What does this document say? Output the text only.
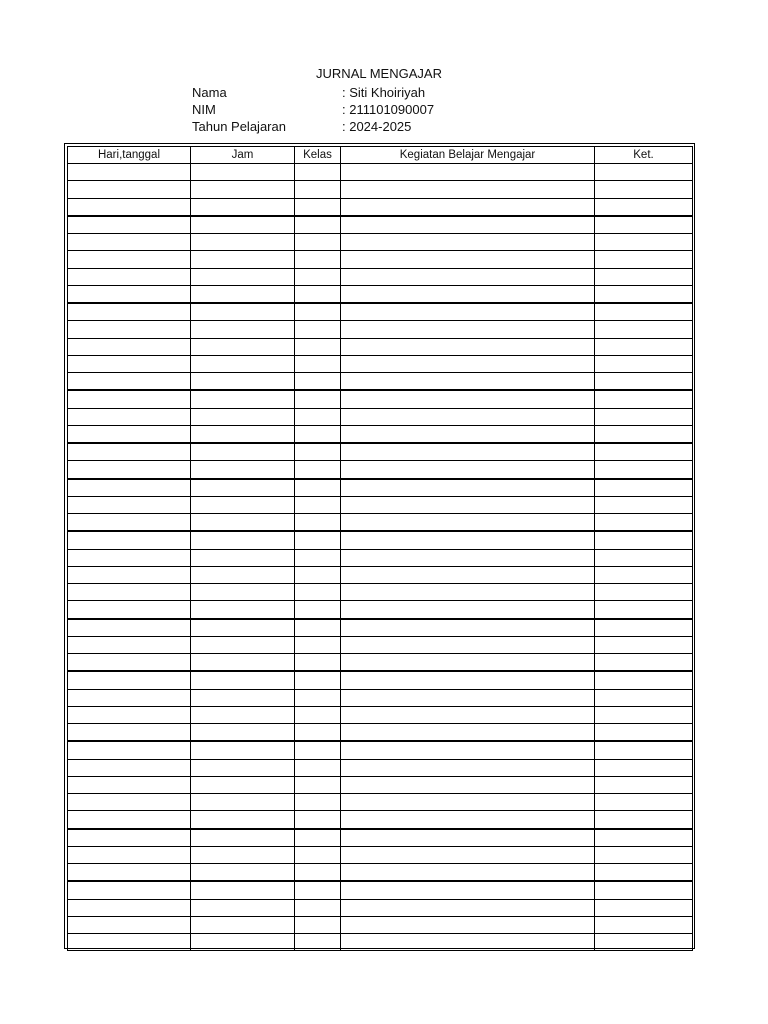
JURNAL MENGAJAR
Nama	: Siti Khoiriyah
NIM	: 211101090007
Tahun Pelajaran	: 2024-2025
Hari,tanggal	Jam	Kelas	Kegiatan Belajar Mengajar	Ket.
